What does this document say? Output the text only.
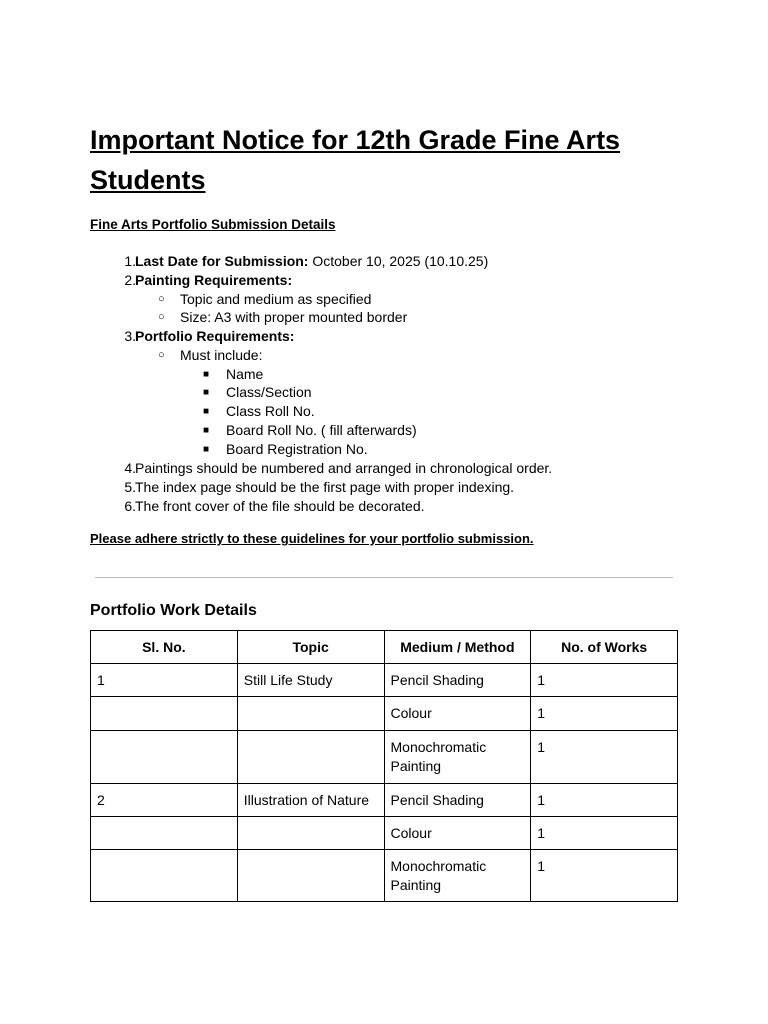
Important Notice for 12th Grade Fine Arts Students

Fine Arts Portfolio Submission Details

1. Last Date for Submission: October 10, 2025 (10.10.25)
2. Painting Requirements:
○ Topic and medium as specified
○ Size: A3 with proper mounted border
3. Portfolio Requirements:
○ Must include:
■ Name
■ Class/Section
■ Class Roll No.
■ Board Roll No. ( fill afterwards)
■ Board Registration No.
4. Paintings should be numbered and arranged in chronological order.
5. The index page should be the first page with proper indexing.
6. The front cover of the file should be decorated.

Please adhere strictly to these guidelines for your portfolio submission.

Portfolio Work Details

Sl. No.	Topic	Medium / Method	No. of Works
1	Still Life Study	Pencil Shading	1
		Colour	1
		Monochromatic Painting	1
2	Illustration of Nature	Pencil Shading	1
		Colour	1
		Monochromatic Painting	1
